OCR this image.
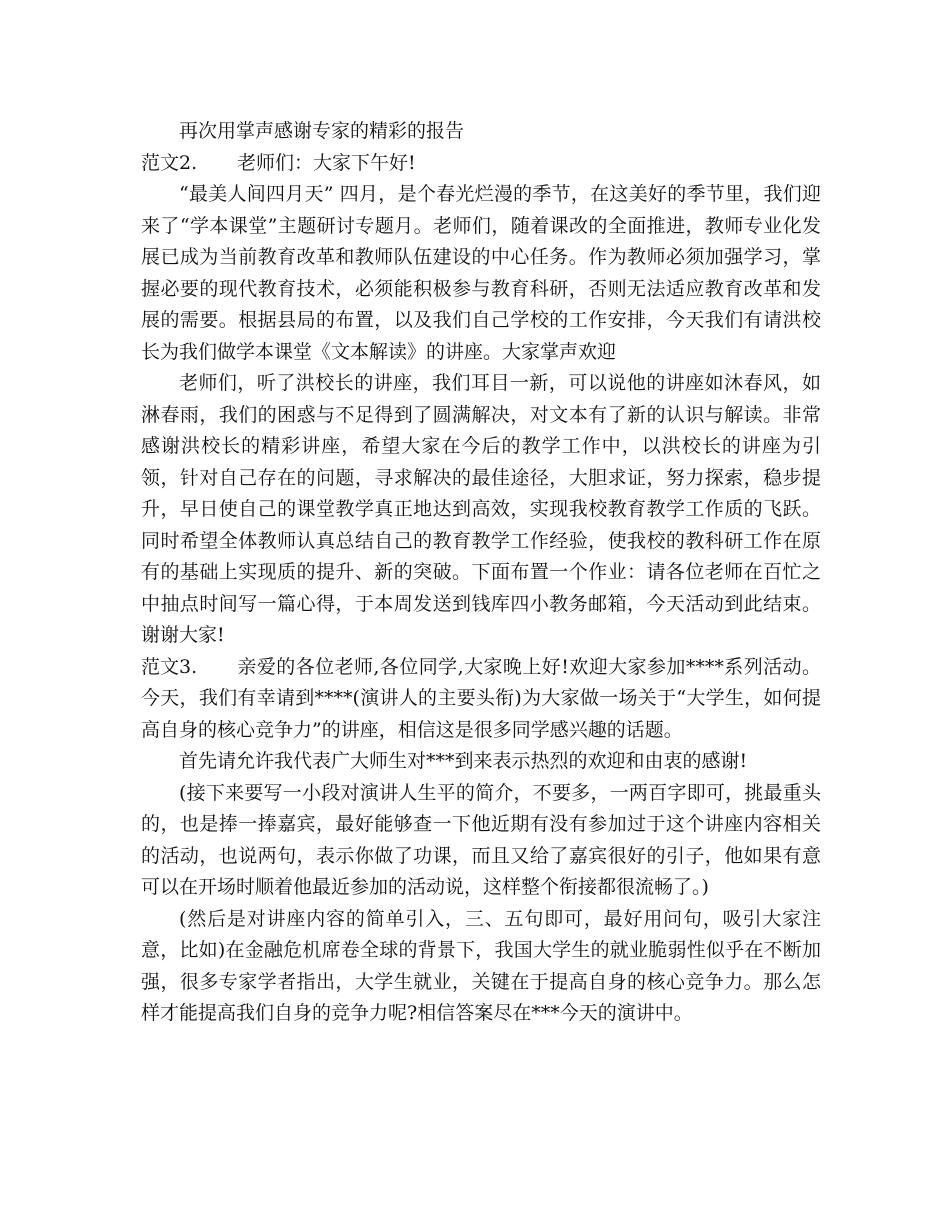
再次用掌声感谢专家的精彩的报告

范文2. 老师们：大家下午好!

“最美人间四月天” 四月，是个春光烂漫的季节，在这美好的季节里，我们迎来了“学本课堂”主题研讨专题月。老师们，随着课改的全面推进，教师专业化发展已成为当前教育改革和教师队伍建设的中心任务。作为教师必须加强学习，掌握必要的现代教育技术，必须能积极参与教育科研，否则无法适应教育改革和发展的需要。根据县局的布置，以及我们自己学校的工作安排，今天我们有请洪校长为我们做学本课堂《文本解读》的讲座。大家掌声欢迎

老师们，听了洪校长的讲座，我们耳目一新，可以说他的讲座如沐春风，如淋春雨，我们的困惑与不足得到了圆满解决，对文本有了新的认识与解读。非常感谢洪校长的精彩讲座，希望大家在今后的教学工作中，以洪校长的讲座为引领，针对自己存在的问题，寻求解决的最佳途径，大胆求证，努力探索，稳步提升，早日使自己的课堂教学真正地达到高效，实现我校教育教学工作质的飞跃。同时希望全体教师认真总结自己的教育教学工作经验，使我校的教科研工作在原有的基础上实现质的提升、新的突破。下面布置一个作业：请各位老师在百忙之中抽点时间写一篇心得，于本周发送到钱库四小教务邮箱，今天活动到此结束。谢谢大家!

范文3. 亲爱的各位老师,各位同学,大家晚上好!欢迎大家参加****系列活动。今天，我们有幸请到****(演讲人的主要头衔)为大家做一场关于“大学生，如何提高自身的核心竞争力”的讲座，相信这是很多同学感兴趣的话题。

首先请允许我代表广大师生对***到来表示热烈的欢迎和由衷的感谢!

(接下来要写一小段对演讲人生平的简介，不要多，一两百字即可，挑最重头的，也是捧一捧嘉宾，最好能够查一下他近期有没有参加过于这个讲座内容相关的活动，也说两句，表示你做了功课，而且又给了嘉宾很好的引子，他如果有意可以在开场时顺着他最近参加的活动说，这样整个衔接都很流畅了。)

(然后是对讲座内容的简单引入，三、五句即可，最好用问句，吸引大家注意，比如)在金融危机席卷全球的背景下，我国大学生的就业脆弱性似乎在不断加强，很多专家学者指出，大学生就业，关键在于提高自身的核心竞争力。那么怎样才能提高我们自身的竞争力呢?相信答案尽在***今天的演讲中。
